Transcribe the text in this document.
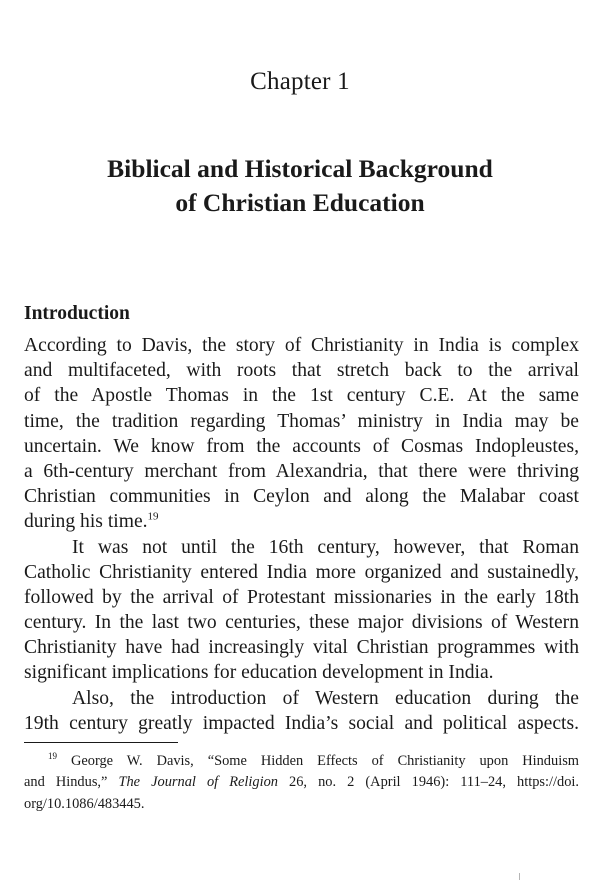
Chapter 1
Biblical and Historical Background
of Christian Education
Introduction
According to Davis, the story of Christianity in India is complex
and multifaceted, with roots that stretch back to the arrival
of the Apostle Thomas in the 1st century C.E. At the same
time, the tradition regarding Thomas’ ministry in India may be
uncertain. We know from the accounts of Cosmas Indopleustes,
a 6th-century merchant from Alexandria, that there were thriving
Christian communities in Ceylon and along the Malabar coast
during his time.$^{19}$
It was not until the 16th century, however, that Roman
Catholic Christianity entered India more organized and sustainedly,
followed by the arrival of Protestant missionaries in the early 18th
century. In the last two centuries, these major divisions of Western
Christianity have had increasingly vital Christian programmes with
significant implications for education development in India.
Also, the introduction of Western education during the
19th century greatly impacted India’s social and political aspects.
$^{19}$ George W. Davis, “Some Hidden Effects of Christianity upon Hinduism
and Hindus,” The Journal of Religion 26, no. 2 (April 1946): 111–24, https://doi.
org/10.1086/483445.
